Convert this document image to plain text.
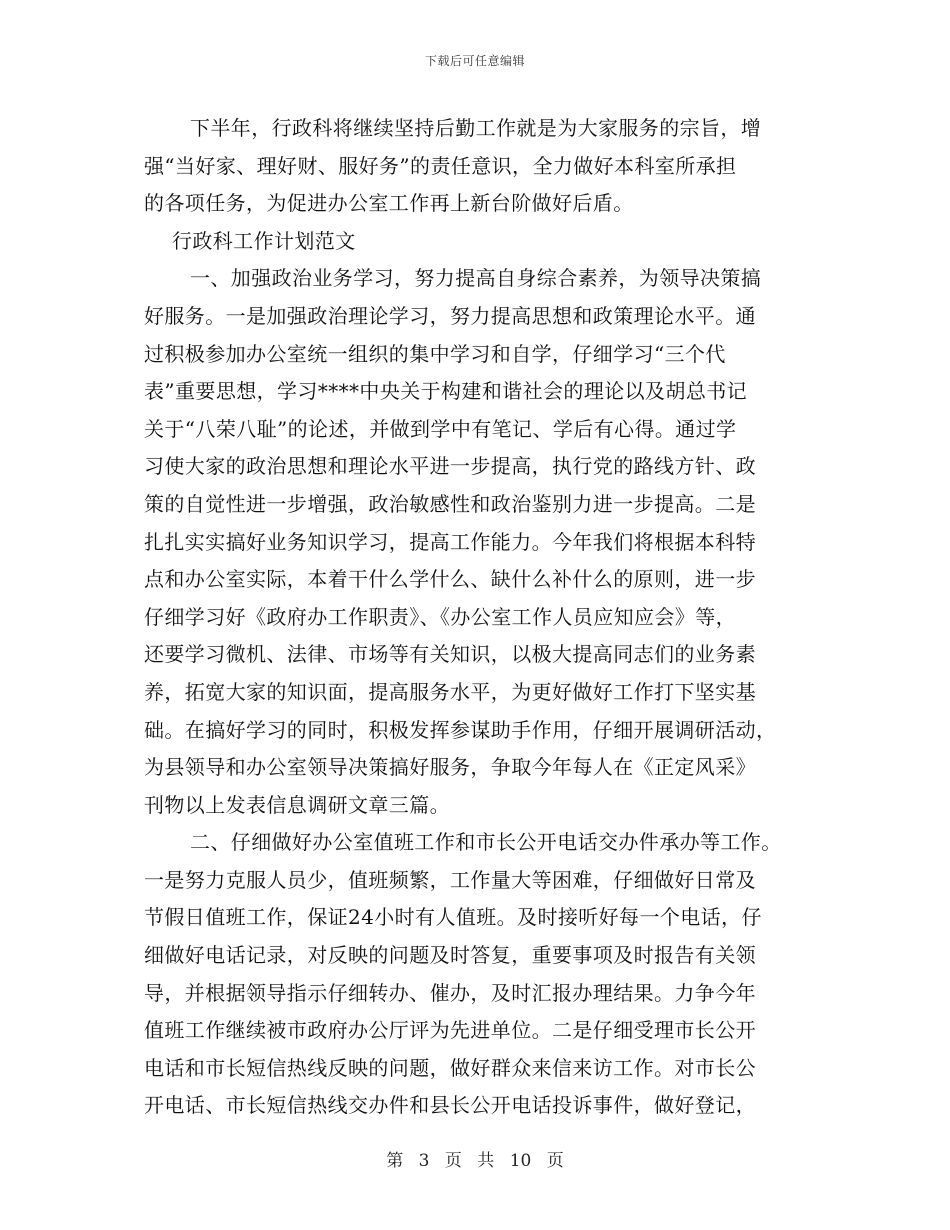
下载后可任意编辑
下半年，行政科将继续坚持后勤工作就是为大家服务的宗旨，增
强“当好家、理好财、服好务”的责任意识，全力做好本科室所承担
的各项任务，为促进办公室工作再上新台阶做好后盾。
行政科工作计划范文
一、加强政治业务学习，努力提高自身综合素养，为领导决策搞
好服务。一是加强政治理论学习，努力提高思想和政策理论水平。通
过积极参加办公室统一组织的集中学习和自学，仔细学习“三个代
表”重要思想，学习****中央关于构建和谐社会的理论以及胡总书记
关于“八荣八耻”的论述，并做到学中有笔记、学后有心得。通过学
习使大家的政治思想和理论水平进一步提高，执行党的路线方针、政
策的自觉性进一步增强，政治敏感性和政治鉴别力进一步提高。二是
扎扎实实搞好业务知识学习，提高工作能力。今年我们将根据本科特
点和办公室实际，本着干什么学什么、缺什么补什么的原则，进一步
仔细学习好《政府办工作职责》、《办公室工作人员应知应会》等，
还要学习微机、法律、市场等有关知识，以极大提高同志们的业务素
养，拓宽大家的知识面，提高服务水平，为更好做好工作打下坚实基
础。在搞好学习的同时，积极发挥参谋助手作用，仔细开展调研活动，
为县领导和办公室领导决策搞好服务，争取今年每人在《正定风采》
刊物以上发表信息调研文章三篇。
二、仔细做好办公室值班工作和市长公开电话交办件承办等工作。
一是努力克服人员少，值班频繁，工作量大等困难，仔细做好日常及
节假日值班工作，保证24小时有人值班。及时接听好每一个电话，仔
细做好电话记录，对反映的问题及时答复，重要事项及时报告有关领
导，并根据领导指示仔细转办、催办，及时汇报办理结果。力争今年
值班工作继续被市政府办公厅评为先进单位。二是仔细受理市长公开
电话和市长短信热线反映的问题，做好群众来信来访工作。对市长公
开电话、市长短信热线交办件和县长公开电话投诉事件，做好登记，
第 3 页 共 10 页
